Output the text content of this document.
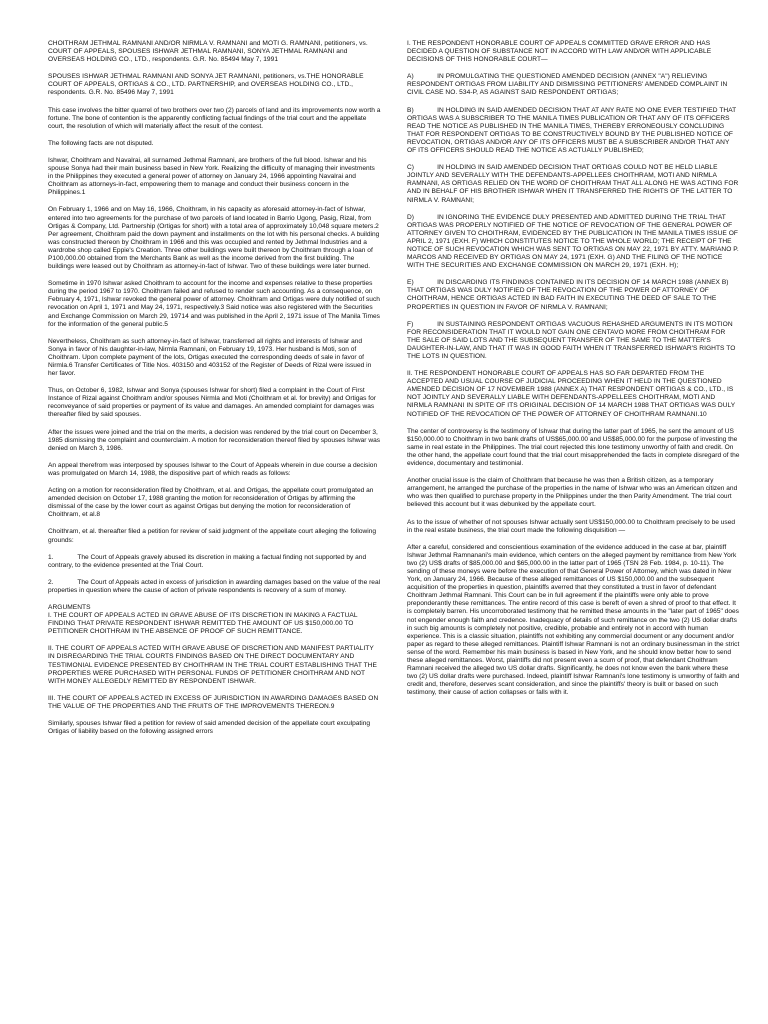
CHOITHRAM JETHMAL RAMNANI AND/OR NIRMLA V. RAMNANI and MOTI G. RAMNANI, petitioners, vs. COURT OF APPEALS, SPOUSES ISHWAR JETHMAL RAMNANI, SONYA JETHMAL RAMNANI and OVERSEAS HOLDING CO., LTD., respondents. G.R. No. 85494 May 7, 1991

SPOUSES ISHWAR JETHMAL RAMNANI AND SONYA JET RAMNANI, petitioners, vs.THE HONORABLE COURT OF APPEALS, ORTIGAS & CO., LTD. PARTNERSHIP, and OVERSEAS HOLDING CO., LTD., respondents. G.R. No. 85496 May 7, 1991

This case involves the bitter quarrel of two brothers over two (2) parcels of land and its improvements now worth a fortune. The bone of contention is the apparently conflicting factual findings of the trial court and the appellate court, the resolution of which will materially affect the result of the contest.

The following facts are not disputed.

Ishwar, Choithram and Navalrai, all surnamed Jethmal Ramnani, are brothers of the full blood. Ishwar and his spouse Sonya had their main business based in New York. Realizing the difficulty of managing their investments in the Philippines they executed a general power of attorney on January 24, 1966 appointing Navalrai and Choithram as attorneys-in-fact, empowering them to manage and conduct their business concern in the Philippines.1

On February 1, 1966 and on May 16, 1966, Choithram, in his capacity as aforesaid attorney-in-fact of Ishwar, entered into two agreements for the purchase of two parcels of land located in Barrio Ugong, Pasig, Rizal, from Ortigas & Company, Ltd. Partnership (Ortigas for short) with a total area of approximately 10,048 square meters.2 Per agreement, Choithram paid the down payment and installments on the lot with his personal checks. A building was constructed thereon by Choithram in 1966 and this was occupied and rented by Jethmal Industries and a wardrobe shop called Eppie's Creation. Three other buildings were built thereon by Choithram through a loan of P100,000.00 obtained from the Merchants Bank as well as the income derived from the first building. The buildings were leased out by Choithram as attorney-in-fact of Ishwar. Two of these buildings were later burned.

Sometime in 1970 Ishwar asked Choithram to account for the income and expenses relative to these properties during the period 1967 to 1970. Choithram failed and refused to render such accounting. As a consequence, on February 4, 1971, Ishwar revoked the general power of attorney. Choithram and Ortigas were duly notified of such revocation on April 1, 1971 and May 24, 1971, respectively.3 Said notice was also registered with the Securities and Exchange Commission on March 29, 19714 and was published in the April 2, 1971 issue of The Manila Times for the information of the general public.5

Nevertheless, Choithram as such attorney-in-fact of Ishwar, transferred all rights and interests of Ishwar and Sonya in favor of his daughter-in-law, Nirmla Ramnani, on February 19, 1973. Her husband is Moti, son of Choithram. Upon complete payment of the lots, Ortigas executed the corresponding deeds of sale in favor of Nirmla.6 Transfer Certificates of Title Nos. 403150 and 403152 of the Register of Deeds of Rizal were issued in her favor.

Thus, on October 6, 1982, Ishwar and Sonya (spouses Ishwar for short) filed a complaint in the Court of First Instance of Rizal against Choithram and/or spouses Nirmla and Moti (Choithram et al. for brevity) and Ortigas for reconveyance of said properties or payment of its value and damages. An amended complaint for damages was thereafter filed by said spouses.

After the issues were joined and the trial on the merits, a decision was rendered by the trial court on December 3, 1985 dismissing the complaint and counterclaim. A motion for reconsideration thereof filed by spouses Ishwar was denied on March 3, 1986.

An appeal therefrom was interposed by spouses Ishwar to the Court of Appeals wherein in due course a decision was promulgated on March 14, 1988, the dispositive part of which reads as follows:

Acting on a motion for reconsideration filed by Choithram, et al. and Ortigas, the appellate court promulgated an amended decision on October 17, 1988 granting the motion for reconsideration of Ortigas by affirming the dismissal of the case by the lower court as against Ortigas but denying the motion for reconsideration of Choithram, et al.8

Choithram, et al. thereafter filed a petition for review of said judgment of the appellate court alleging the following grounds:

1.		The Court of Appeals gravely abused its discretion in making a factual finding not supported by and contrary, to the evidence presented at the Trial Court.

2.		The Court of Appeals acted in excess of jurisdiction in awarding damages based on the value of the real properties in question where the cause of action of private respondents is recovery of a sum of money.

ARGUMENTS
I. THE COURT OF APPEALS ACTED IN GRAVE ABUSE OF ITS DISCRETION IN MAKING A FACTUAL FINDING THAT PRIVATE RESPONDENT ISHWAR REMITTED THE AMOUNT OF US $150,000.00 TO PETITIONER CHOITHRAM IN THE ABSENCE OF PROOF OF SUCH REMITTANCE.

II. THE COURT OF APPEALS ACTED WITH GRAVE ABUSE OF DISCRETION AND MANIFEST PARTIALITY IN DISREGARDING THE TRIAL COURTS FINDINGS BASED ON THE DIRECT DOCUMENTARY AND TESTIMONIAL EVIDENCE PRESENTED BY CHOITHRAM IN THE TRIAL COURT ESTABLISHING THAT THE PROPERTIES WERE PURCHASED WITH PERSONAL FUNDS OF PETITIONER CHOITHRAM AND NOT WITH MONEY ALLEGEDLY REMITTED BY RESPONDENT ISHWAR.

III. THE COURT OF APPEALS ACTED IN EXCESS OF JURISDICTION IN AWARDING DAMAGES BASED ON THE VALUE OF THE PROPERTIES AND THE FRUITS OF THE IMPROVEMENTS THEREON.9

Similarly, spouses Ishwar filed a petition for review of said amended decision of the appellate court exculpating Ortigas of liability based on the following assigned errors

I. THE RESPONDENT HONORABLE COURT OF APPEALS COMMITTED GRAVE ERROR AND HAS DECIDED A QUESTION OF SUBSTANCE NOT IN ACCORD WITH LAW AND/OR WITH APPLICABLE DECISIONS OF THIS HONORABLE COURT—

A)		IN PROMULGATING THE QUESTIONED AMENDED DECISION (ANNEX "A") RELIEVING RESPONDENT ORTIGAS FROM LIABILITY AND DISMISSING PETITIONERS' AMENDED COMPLAINT IN CIVIL CASE NO. 534-P, AS AGAINST SAID RESPONDENT ORTIGAS;

B)		IN HOLDING IN SAID AMENDED DECISION THAT AT ANY RATE NO ONE EVER TESTIFIED THAT ORTIGAS WAS A SUBSCRIBER TO THE MANILA TIMES PUBLICATION OR THAT ANY OF ITS OFFICERS READ THE NOTICE AS PUBLISHED IN THE MANILA TIMES, THEREBY ERRONEOUSLY CONCLUDING THAT FOR RESPONDENT ORTIGAS TO BE CONSTRUCTIVELY BOUND BY THE PUBLISHED NOTICE OF REVOCATION, ORTIGAS AND/OR ANY OF ITS OFFICERS MUST BE A SUBSCRIBER AND/OR THAT ANY OF ITS OFFICERS SHOULD READ THE NOTICE AS ACTUALLY PUBLISHED;

C)		IN HOLDING IN SAID AMENDED DECISION THAT ORTIGAS COULD NOT BE HELD LIABLE JOINTLY AND SEVERALLY WITH THE DEFENDANTS-APPELLEES CHOITHRAM, MOTI AND NIRMLA RAMNANI, AS ORTIGAS RELIED ON THE WORD OF CHOITHRAM THAT ALL ALONG HE WAS ACTING FOR AND IN BEHALF OF HIS BROTHER ISHWAR WHEN IT TRANSFERRED THE RIGHTS OF THE LATTER TO NIRMLA V. RAMNANI;

D)		IN IGNORING THE EVIDENCE DULY PRESENTED AND ADMITTED DURING THE TRIAL THAT ORTIGAS WAS PROPERLY NOTIFIED OF THE NOTICE OF REVOCATION OF THE GENERAL POWER OF ATTORNEY GIVEN TO CHOITHRAM, EVIDENCED BY THE PUBLICATION IN THE MANILA TIMES ISSUE OF APRIL 2, 1971 (EXH. F) WHICH CONSTITUTES NOTICE TO THE WHOLE WORLD; THE RECEIPT OF THE NOTICE OF SUCH REVOCATION WHICH WAS SENT TO ORTIGAS ON MAY 22, 1971 BY ATTY. MARIANO P. MARCOS AND RECEIVED BY ORTIGAS ON MAY 24, 1971 (EXH. G) AND THE FILING OF THE NOTICE WITH THE SECURITIES AND EXCHANGE COMMISSION ON MARCH 29, 1971 (EXH. H);

E)		IN DISCARDING ITS FINDINGS CONTAINED IN ITS DECISION OF 14 MARCH 1988 (ANNEX B) THAT ORTIGAS WAS DULY NOTIFIED OF THE REVOCATION OF THE POWER OF ATTORNEY OF CHOITHRAM, HENCE ORTIGAS ACTED IN BAD FAITH IN EXECUTING THE DEED OF SALE TO THE PROPERTIES IN QUESTION IN FAVOR OF NIRMLA V. RAMNANI;

F)		IN SUSTAINING RESPONDENT ORTIGAS VACUOUS REHASHED ARGUMENTS IN ITS MOTION FOR RECONSIDERATION THAT IT WOULD NOT GAIN ONE CENTAVO MORE FROM CHOITHRAM FOR THE SALE OF SAID LOTS AND THE SUBSEQUENT TRANSFER OF THE SAME TO THE MATTER'S DAUGHTER-IN-LAW, AND THAT IT WAS IN GOOD FAITH WHEN IT TRANSFERRED ISHWAR'S RIGHTS TO THE LOTS IN QUESTION.

II. THE RESPONDENT HONORABLE COURT OF APPEALS HAS SO FAR DEPARTED FROM THE ACCEPTED AND USUAL COURSE OF JUDICIAL PROCEEDING WHEN IT HELD IN THE QUESTIONED AMENDED DECISION OF 17 NOVEMBER 1988 (ANNEX A) THAT RESPONDENT ORTIGAS & CO., LTD., IS NOT JOINTLY AND SEVERALLY LIABLE WITH DEFENDANTS-APPELLEES CHOITHRAM, MOTI AND NIRMLA RAMNANI IN SPITE OF ITS ORIGINAL DECISION OF 14 MARCH 1988 THAT ORTIGAS WAS DULY NOTIFIED OF THE REVOCATION OF THE POWER OF ATTORNEY OF CHOITHRAM RAMNANI.10

The center of controversy is the testimony of Ishwar that during the latter part of 1965, he sent the amount of US $150,000.00 to Choithram in two bank drafts of US$65,000.00 and US$85,000.00 for the purpose of investing the same in real estate in the Philippines. The trial court rejected this lone testimony unworthy of faith and credit. On the other hand, the appellate court found that the trial court misapprehended the facts in complete disregard of the evidence, documentary and testimonial.

Another crucial issue is the claim of Choithram that because he was then a British citizen, as a temporary arrangement, he arranged the purchase of the properties in the name of Ishwar who was an American citizen and who was then qualified to purchase property in the Philippines under the then Parity Amendment. The trial court believed this account but it was debunked by the appellate court.

As to the issue of whether of not spouses Ishwar actually sent US$150,000.00 to Choithram precisely to be used in the real estate business, the trial court made the following disquisition —

After a careful, considered and conscientious examination of the evidence adduced in the case at bar, plaintiff Ishwar Jethmal Ramnanani's main evidence, which centers on the alleged payment by remittance from New York two (2) US$ drafts of $85,000.00 and $65,000.00 in the latter part of 1965 (TSN 28 Feb. 1984, p. 10-11). The sending of these moneys were before the execution of that General Power of Attorney, which was dated in New York, on January 24, 1966. Because of these alleged remittances of US $150,000.00 and the subsequent acquisition of the properties in question, plaintiffs averred that they constituted a trust in favor of defendant Choithram Jethmal Ramnani. This Court can be in full agreement if the plaintiffs were only able to prove preponderantly these remittances. The entire record of this case is bereft of even a shred of proof to that effect. It is completely barren. His uncorroborated testimony that he remitted these amounts in the "later part of 1965" does not engender enough faith and credence. Inadequacy of details of such remittance on the two (2) US dollar drafts in such big amounts is completely not positive, credible, probable and entirely not in accord with human experience. This is a classic situation, plaintiffs not exhibiting any commercial document or any document and/or paper as regard to these alleged remittances. Plaintiff Ishwar Ramnani is not an ordinary businessman in the strict sense of the word. Remember his main business is based in New York, and he should know better how to send these alleged remittances. Worst, plaintiffs did not present even a scum of proof, that defendant Choithram Ramnani received the alleged two US dollar drafts. Significantly, he does not know even the bank where these two (2) US dollar drafts were purchased. Indeed, plaintiff Ishwar Ramnani's lone testimony is unworthy of faith and credit and, therefore, deserves scant consideration, and since the plaintiffs' theory is built or based on such testimony, their cause of action collapses or falls with it.
